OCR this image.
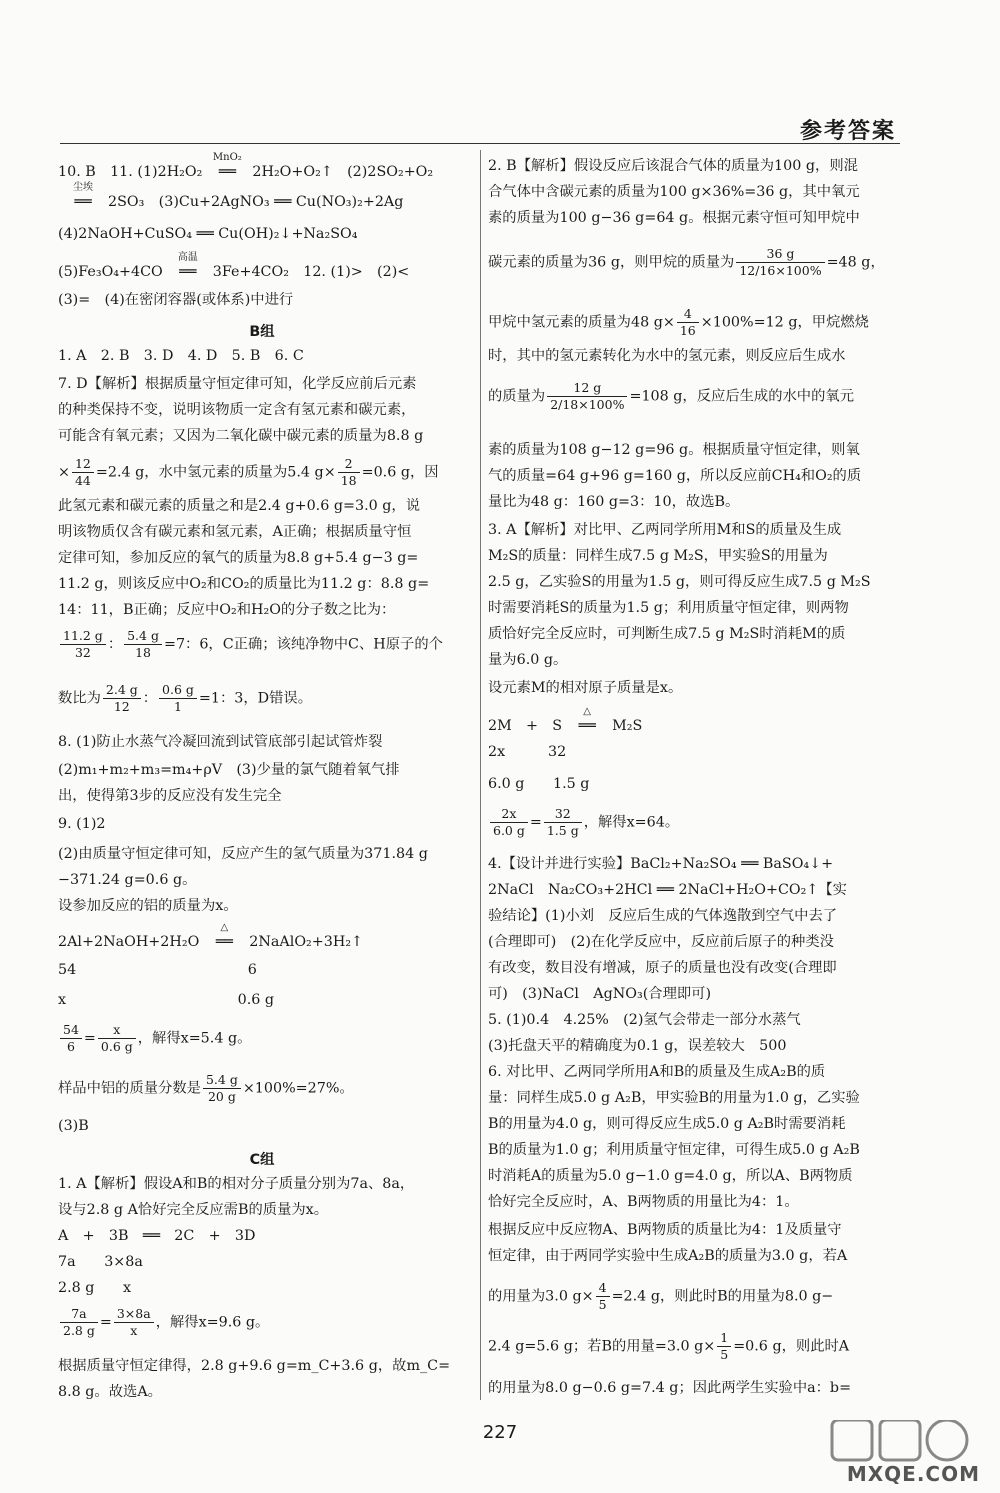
参考答案
10. B　11. (1)2H₂O₂
MnO₂
══ 2H₂O+O₂↑　(2)2SO₂+O₂
尘埃
══ 2SO₃　(3)Cu+2AgNO₃ ══ Cu(NO₃)₂+2Ag
(4)2NaOH+CuSO₄ ══ Cu(OH)₂↓+Na₂SO₄
(5)Fe₃O₄+4CO
高温
══ 3Fe+4CO₂　12. (1)>　(2)<
(3)=　(4)在密闭容器(或体系)中进行
B组
1. A　2. B　3. D　4. D　5. B　6. C
7. D【解析】根据质量守恒定律可知，化学反应前后元素
的种类保持不变，说明该物质一定含有氢元素和碳元素，
可能含有氧元素；又因为二氧化碳中碳元素的质量为8.8 g
× $\frac{12}{44} =2.4$ g，水中氢元素的质量为5.4 $g\times \frac{2}{18} =0.6$ g，因
此氢元素和碳元素的质量之和是2.4 g+0.6 g=3.0 g，说
明该物质仅含有碳元素和氢元素，A正确；根据质量守恒
定律可知，参加反应的氧气的质量为8.8 g+5.4 g−3 g=
11.2 g，则该反应中O₂和CO₂的质量比为11.2 g：8.8 g=
14：11，B正确；反应中O₂和H₂O的分子数之比为：
$\frac{11.2 g}{32}$ ： $\frac{5.4 g}{18} =7$：6，C正确；该纯净物中C、H原子的个
数比为 $\frac{2.4 g}{12}$ ： $\frac{0.6 g}{1} =1$：3，D错误。
8. (1)防止水蒸气冷凝回流到试管底部引起试管炸裂
(2)m₁+m₂+m₃=m₄+ρV　(3)少量的氯气随着氧气排
出，使得第3步的反应没有发生完全
9. (1)2
(2)由质量守恒定律可知，反应产生的氢气质量为371.84 g
−371.24 g=0.6 g。
设参加反应的铝的质量为x。
2Al+2NaOH+2H₂O
△
══ 2NaAlO₂+3H₂↑
54　　　　　　　　　　　　6
x　　　　　　　　　　　　0.6 g
$\frac{54}{6} = \frac{x}{0.6 g}$ ，解得x=5.4 g。
样品中铝的质量分数是 $\frac{5.4 g}{20 g} \times 100\%=27\%$。
(3)B
C组
1. A【解析】假设A和B的相对分子质量分别为7a、8a，
设与2.8 g A恰好完全反应需B的质量为x。
A　+　3B　══　2C　+　3D
7a　　3×8a
2.8 g　　x
$\frac{7a}{2.8 g} = \frac{3\times 8a}{x}$ ，解得x=9.6 g。
根据质量守恒定律得，2.8 g+9.6 g=m_C+3.6 g，故m_C=
8.8 g。故选A。
2. B【解析】假设反应后该混合气体的质量为100 g，则混
合气体中含碳元素的质量为100 g×36%=36 g，其中氧元
素的质量为100 g−36 g=64 g。根据元素守恒可知甲烷中
碳元素的质量为36 g，则甲烷的质量为 $\frac{36 g}{12/16\times 100\%} =48$ g，
甲烷中氢元素的质量为48 $g\times \frac{4}{16} \times 100\%=12$ g，甲烷燃烧
时，其中的氢元素转化为水中的氢元素，则反应后生成水
的质量为 $\frac{12 g}{2/18\times 100\%} =108$ g，反应后生成的水中的氧元
素的质量为108 g−12 g=96 g。根据质量守恒定律，则氧
气的质量=64 g+96 g=160 g，所以反应前CH₄和O₂的质
量比为48 g：160 g=3：10，故选B。
3. A【解析】对比甲、乙两同学所用M和S的质量及生成
M₂S的质量：同样生成7.5 g M₂S，甲实验S的用量为
2.5 g，乙实验S的用量为1.5 g，则可得反应生成7.5 g M₂S
时需要消耗S的质量为1.5 g；利用质量守恒定律，则两物
质恰好完全反应时，可判断生成7.5 g M₂S时消耗M的质
量为6.0 g。
设元素M的相对原子质量是x。
2M　+　S
△
══ M₂S
2x　　　32
6.0 g　　1.5 g
$\frac{2x}{6.0 g} = \frac{32}{1.5 g}$ ，解得x=64。
4.【设计并进行实验】BaCl₂+Na₂SO₄ ══ BaSO₄↓+
2NaCl　Na₂CO₃+2HCl ══ 2NaCl+H₂O+CO₂↑【实
验结论】(1)小刘　反应后生成的气体逸散到空气中去了
(合理即可)　(2)在化学反应中，反应前后原子的种类没
有改变，数目没有增减，原子的质量也没有改变(合理即
可)　(3)NaCl　AgNO₃(合理即可)
5. (1)0.4　4.25%　(2)氢气会带走一部分水蒸气
(3)托盘天平的精确度为0.1 g，误差较大　500
6. 对比甲、乙两同学所用A和B的质量及生成A₂B的质
量：同样生成5.0 g A₂B，甲实验B的用量为1.0 g，乙实验
B的用量为4.0 g，则可得反应生成5.0 g A₂B时需要消耗
B的质量为1.0 g；利用质量守恒定律，可得生成5.0 g A₂B
时消耗A的质量为5.0 g−1.0 g=4.0 g，所以A、B两物质
恰好完全反应时，A、B两物质的用量比为4：1。
根据反应中反应物A、B两物质的质量比为4：1及质量守
恒定律，由于两同学实验中生成A₂B的质量为3.0 g，若A
的用量为3.0 $g\times \frac{4}{5} =2.4$ g，则此时B的用量为8.0 g−
2.4 g=5.6 g；若B的用量=3.0 $g\times \frac{1}{5} =0.6$ g，则此时A
的用量为8.0 g−0.6 g=7.4 g；因此两学生实验中a：b=
227
MXQE.COM
